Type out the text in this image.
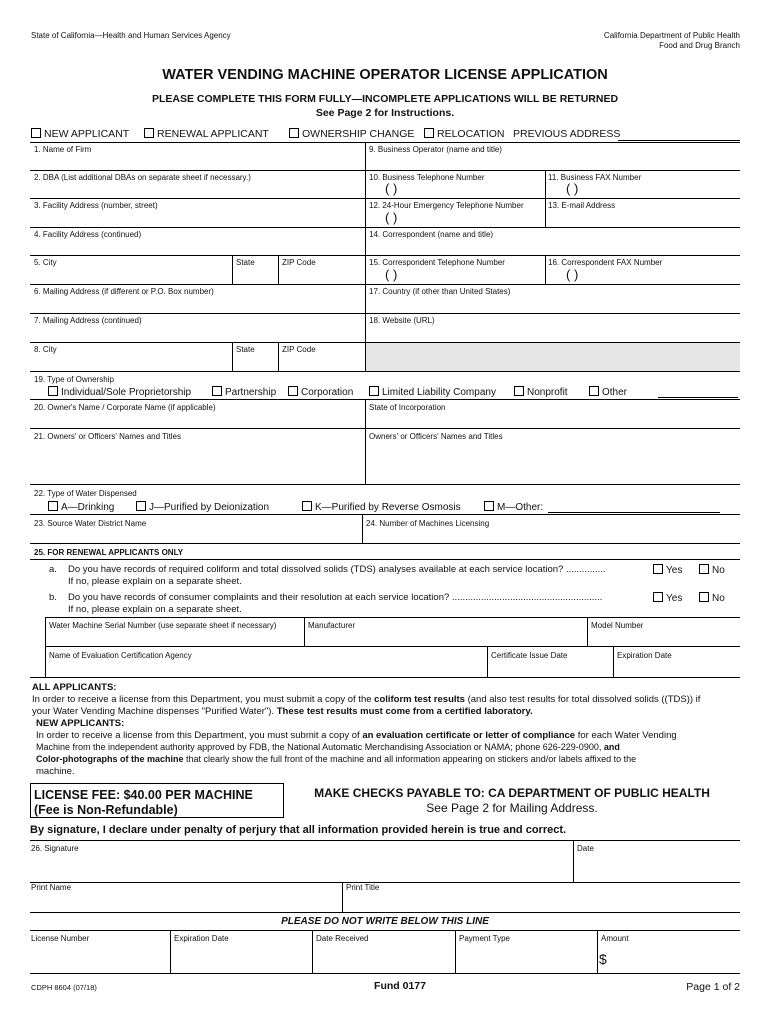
State of California—Health and Human Services Agency	California Department of Public Health
Food and Drug Branch
WATER VENDING MACHINE OPERATOR LICENSE APPLICATION
PLEASE COMPLETE THIS FORM FULLY—INCOMPLETE APPLICATIONS WILL BE RETURNED
See Page 2 for Instructions.
NEW APPLICANT	RENEWAL APPLICANT	OWNERSHIP CHANGE	RELOCATION PREVIOUS ADDRESS
1. Name of Firm	9. Business Operator (name and title)
2. DBA (List additional DBAs on separate sheet if necessary.)	10. Business Telephone Number	11. Business FAX Number
( )	( )
3. Facility Address (number, street)	12. 24-Hour Emergency Telephone Number	13. E-mail Address
( )
4. Facility Address (continued)	14. Correspondent (name and title)
5. City	State	ZIP Code	15. Correspondent Telephone Number	16. Correspondent FAX Number
( )	( )
6. Mailing Address (if different or P.O. Box number)	17. Country (if other than United States)
7. Mailing Address (continued)	18. Website (URL)
8. City	State	ZIP Code
19. Type of Ownership
Individual/Sole Proprietorship	Partnership	Corporation	Limited Liability Company	Nonprofit	Other
20. Owner's Name / Corporate Name (if applicable)	State of Incorporation
21. Owners' or Officers' Names and Titles	Owners' or Officers' Names and Titles
22. Type of Water Dispensed
A—Drinking	J—Purified by Deionization	K—Purified by Reverse Osmosis	M—Other:
23. Source Water District Name	24. Number of Machines Licensing
25. FOR RENEWAL APPLICANTS ONLY
a. Do you have records of required coliform and total dissolved solids (TDS) analyses available at each service location? ...............
If no, please explain on a separate sheet.
Yes	No
b. Do you have records of consumer complaints and their resolution at each service location? .........................................................
If no, please explain on a separate sheet.
Yes	No
Water Machine Serial Number (use separate sheet if necessary)	Manufacturer	Model Number
Name of Evaluation Certification Agency	Certificate Issue Date	Expiration Date
ALL APPLICANTS:
In order to receive a license from this Department, you must submit a copy of the coliform test results (and also test results for total dissolved solids ((TDS)) if
your Water Vending Machine dispenses "Purified Water"). These test results must come from a certified laboratory.
NEW APPLICANTS:
In order to receive a license from this Department, you must submit a copy of an evaluation certificate or letter of compliance for each Water Vending
Machine from the independent authority approved by FDB, the National Automatic Merchandising Association or NAMA; phone 626-229-0900, and
Color-photographs of the machine that clearly show the full front of the machine and all information appearing on stickers and/or labels affixed to the
machine.
LICENSE FEE: $40.00 PER MACHINE
(Fee is Non-Refundable)
MAKE CHECKS PAYABLE TO: CA DEPARTMENT OF PUBLIC HEALTH
See Page 2 for Mailing Address.
By signature, I declare under penalty of perjury that all information provided herein is true and correct.
26. Signature	Date
Print Name	Print Title
PLEASE DO NOT WRITE BELOW THIS LINE
License Number	Expiration Date	Date Received	Payment Type	Amount
$
CDPH 8604 (07/18)	Fund 0177	Page 1 of 2
